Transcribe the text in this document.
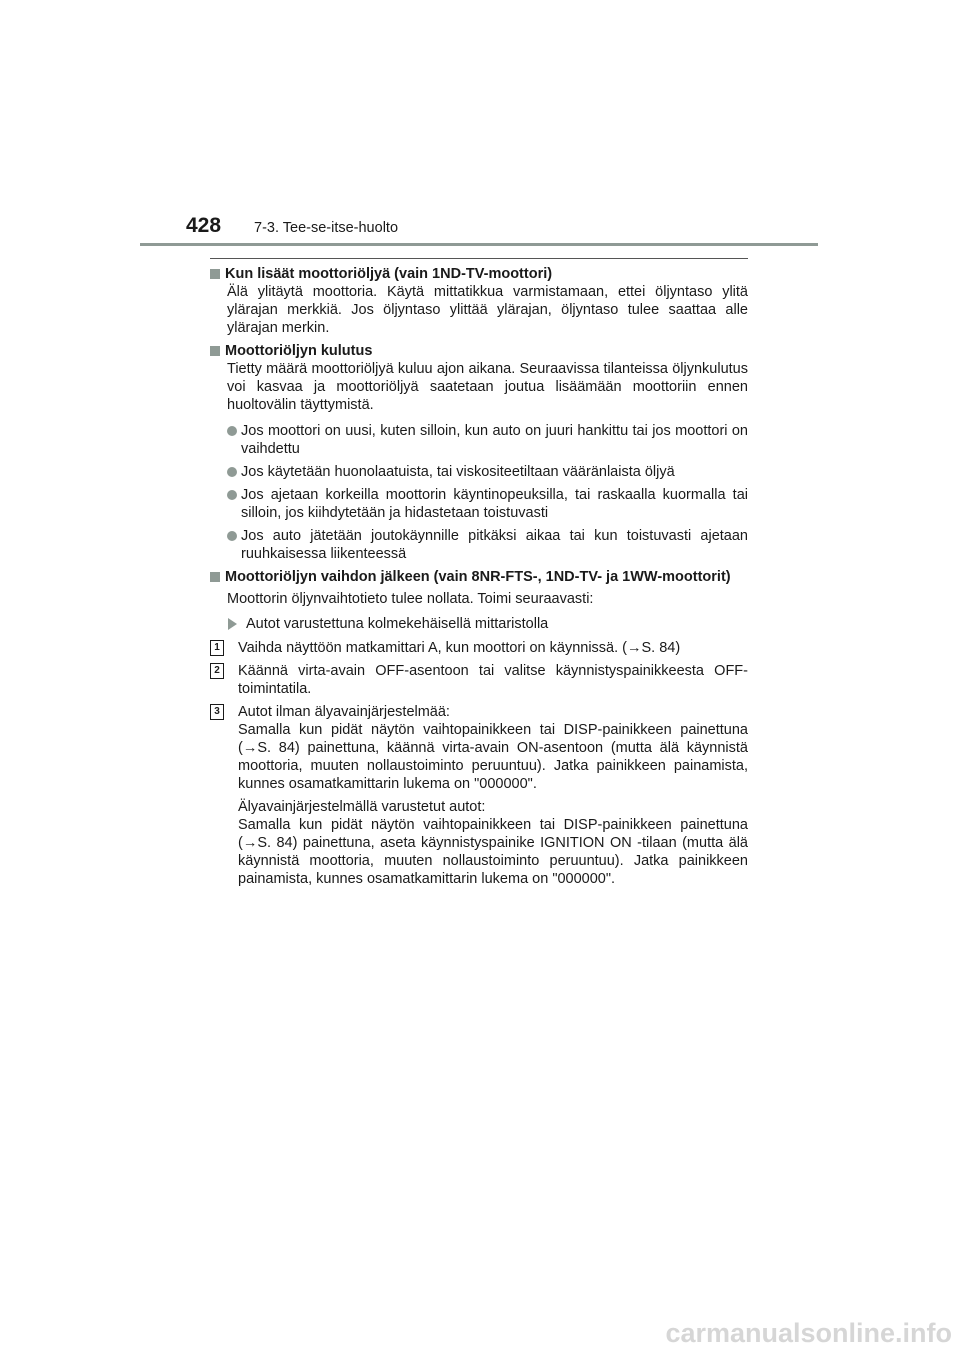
428	7-3. Tee-se-itse-huolto
Kun lisäät moottoriöljyä (vain 1ND-TV-moottori)
Älä ylitäytä moottoria. Käytä mittatikkua varmistamaan, ettei öljyntaso ylitä ylärajan merkkiä. Jos öljyntaso ylittää ylärajan, öljyntaso tulee saattaa alle ylärajan merkin.
Moottoriöljyn kulutus
Tietty määrä moottoriöljyä kuluu ajon aikana. Seuraavissa tilanteissa öljynkulutus voi kasvaa ja moottoriöljyä saatetaan joutua lisäämään moottoriin ennen huoltovälin täyttymistä.
Jos moottori on uusi, kuten silloin, kun auto on juuri hankittu tai jos moottori on vaihdettu
Jos käytetään huonolaatuista, tai viskositeetiltaan vääränlaista öljyä
Jos ajetaan korkeilla moottorin käyntinopeuksilla, tai raskaalla kuormalla tai silloin, jos kiihdytetään ja hidastetaan toistuvasti
Jos auto jätetään joutokäynnille pitkäksi aikaa tai kun toistuvasti ajetaan ruuhkaisessa liikenteessä
Moottoriöljyn vaihdon jälkeen (vain 8NR-FTS-, 1ND-TV- ja 1WW-moottorit)
Moottorin öljynvaihtotieto tulee nollata. Toimi seuraavasti:
Autot varustettuna kolmekehäisellä mittaristolla
1 Vaihda näyttöön matkamittari A, kun moottori on käynnissä. (→S. 84)
2 Käännä virta-avain OFF-asentoon tai valitse käynnistyspainikkeesta OFF-toimintatila.
3 Autot ilman älyavainjärjestelmää:
Samalla kun pidät näytön vaihtopainikkeen tai DISP-painikkeen painettuna (→S. 84) painettuna, käännä virta-avain ON-asentoon (mutta älä käynnistä moottoria, muuten nollaustoiminto peruuntuu). Jatka painikkeen painamista, kunnes osamatkamittarin lukema on "000000".
Älyavainjärjestelmällä varustetut autot:
Samalla kun pidät näytön vaihtopainikkeen tai DISP-painikkeen painettuna (→S. 84) painettuna, aseta käynnistyspainike IGNITION ON -tilaan (mutta älä käynnistä moottoria, muuten nollaustoiminto peruuntuu). Jatka painikkeen painamista, kunnes osamatkamittarin lukema on "000000".
carmanualsonline.info
